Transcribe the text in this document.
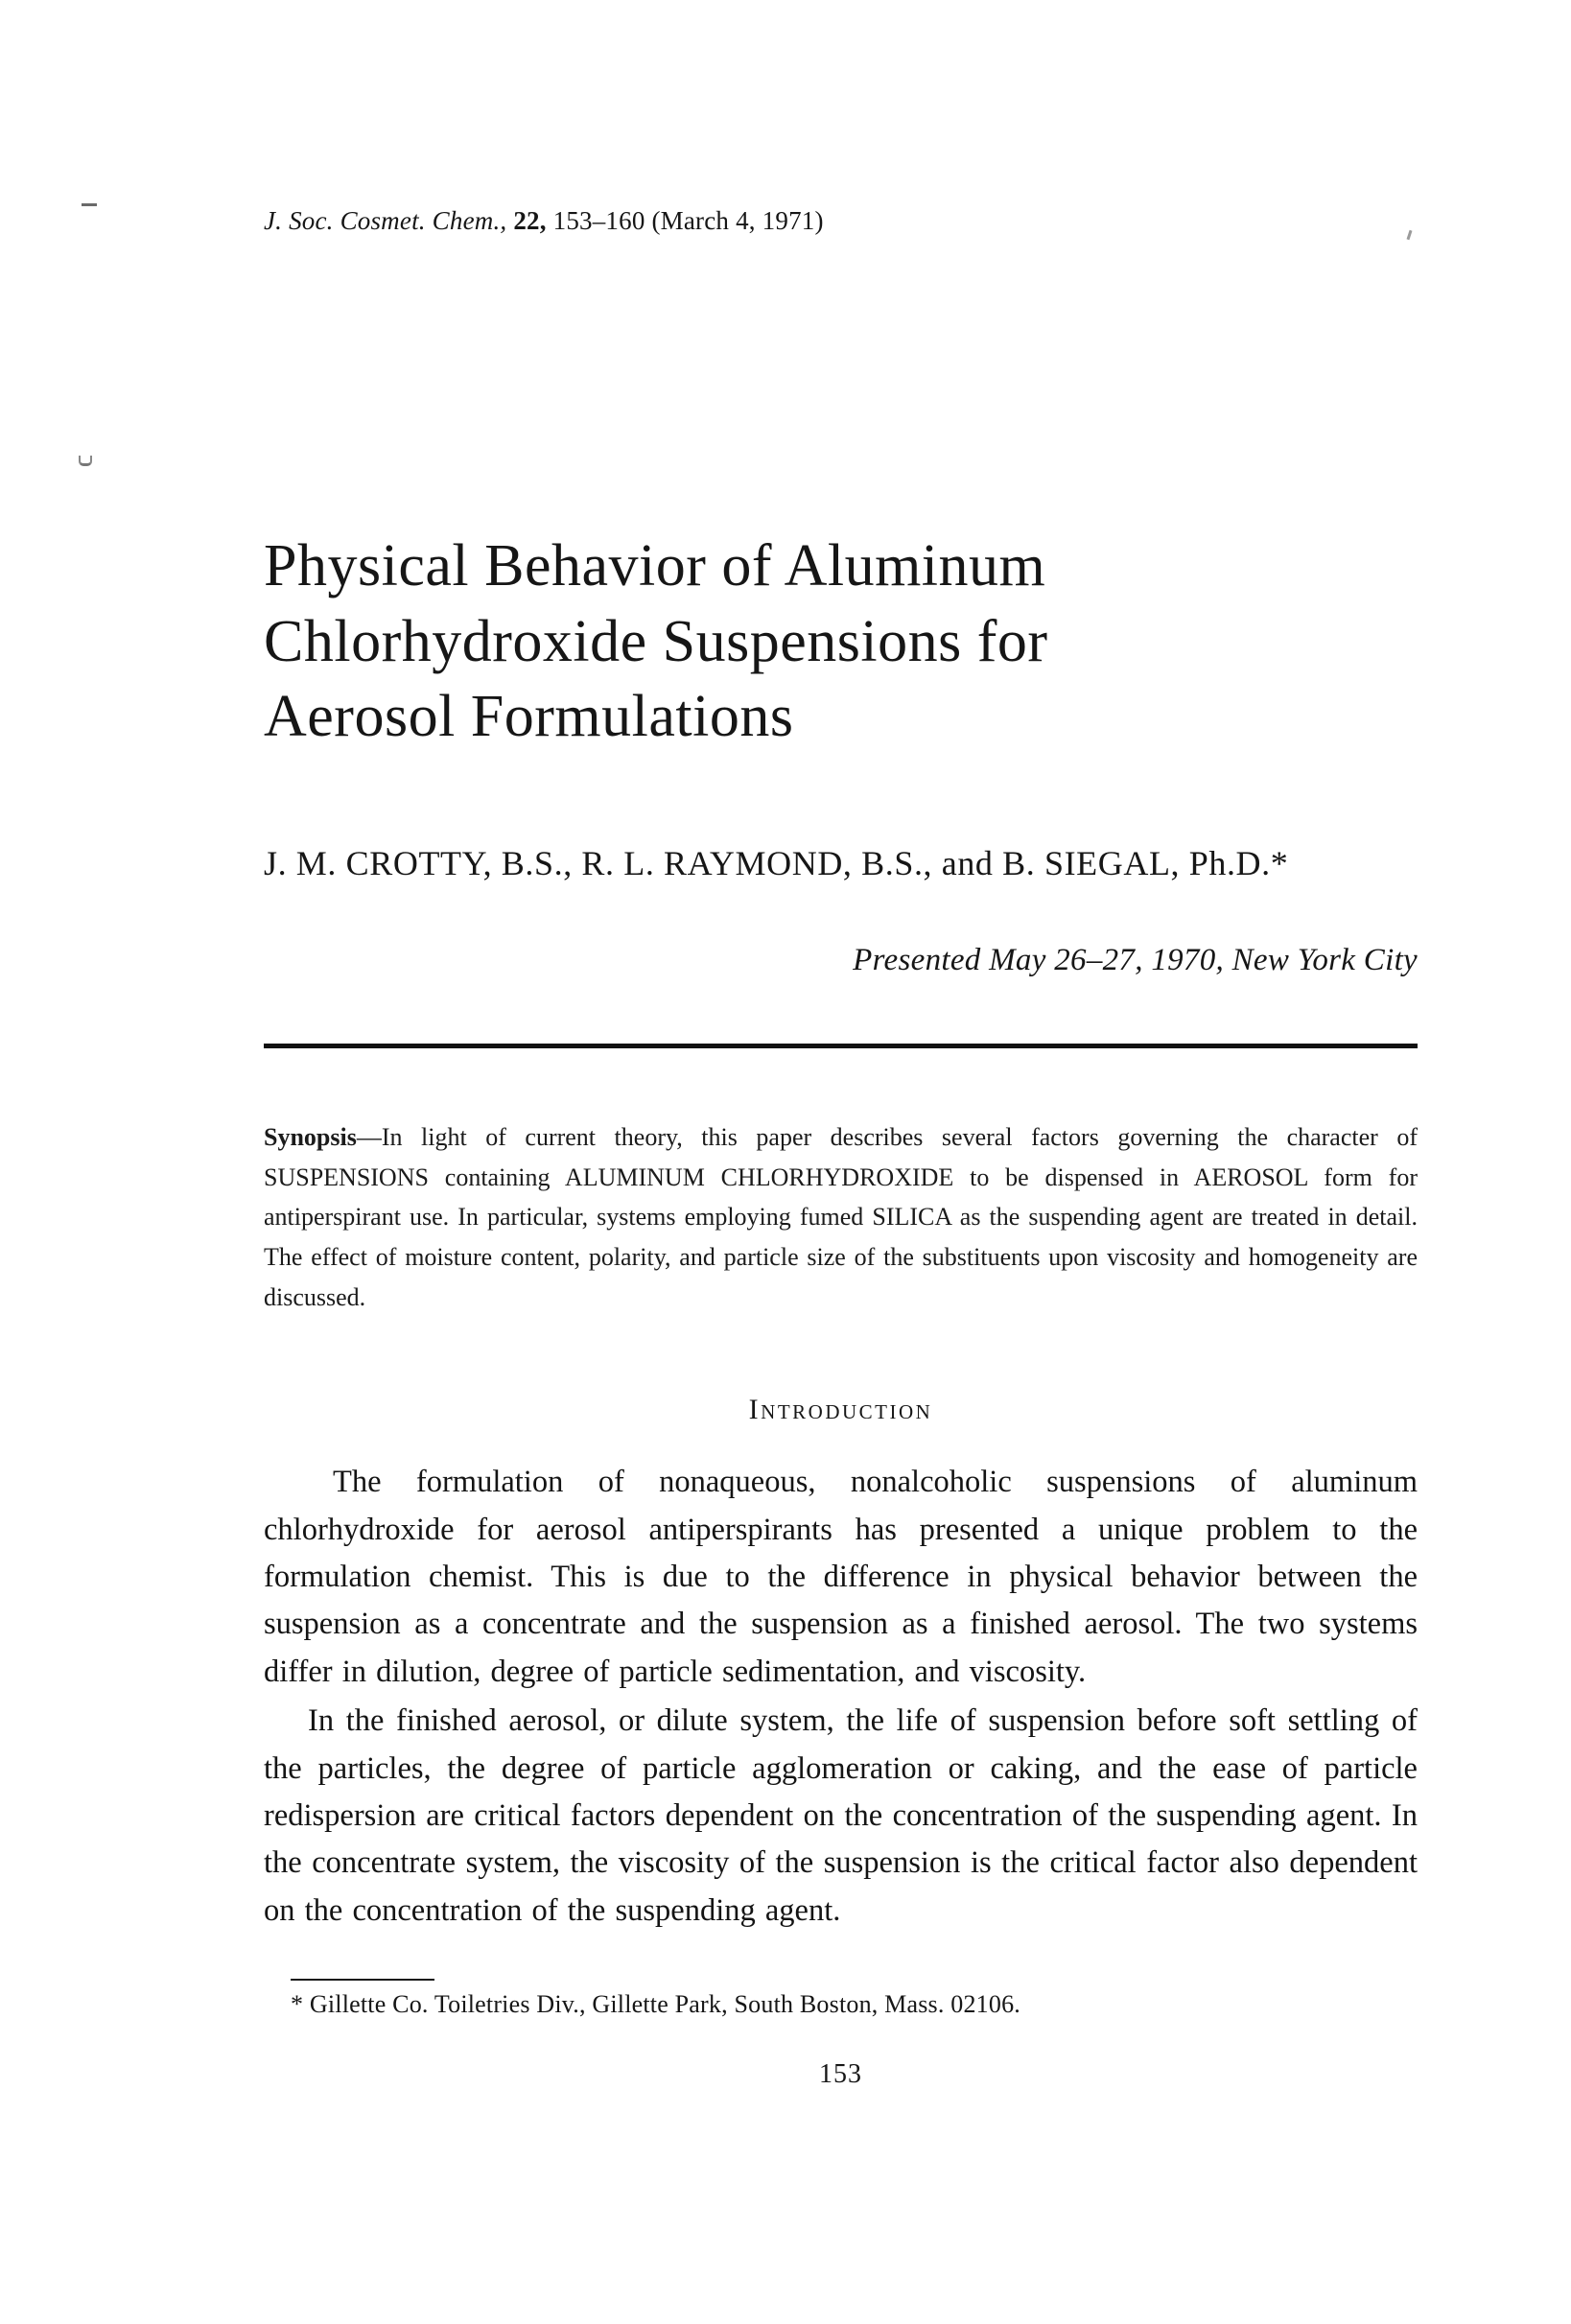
J. Soc. Cosmet. Chem., 22, 153–160 (March 4, 1971)
Physical Behavior of Aluminum
Chlorhydroxide Suspensions for
Aerosol Formulations
J. M. CROTTY, B.S., R. L. RAYMOND, B.S., and B. SIEGAL, Ph.D.*
Presented May 26–27, 1970, New York City

Synopsis—In light of current theory, this paper describes several factors governing the character of SUSPENSIONS containing ALUMINUM CHLORHYDROXIDE to be dispensed in AEROSOL form for antiperspirant use. In particular, systems employing fumed SILICA as the suspending agent are treated in detail. The effect of moisture content, polarity, and particle size of the substituents upon viscosity and homogeneity are discussed.

Introduction

The formulation of nonaqueous, nonalcoholic suspensions of aluminum chlorhydroxide for aerosol antiperspirants has presented a unique problem to the formulation chemist. This is due to the difference in physical behavior between the suspension as a concentrate and the suspension as a finished aerosol. The two systems differ in dilution, degree of particle sedimentation, and viscosity.

In the finished aerosol, or dilute system, the life of suspension before soft settling of the particles, the degree of particle agglomeration or caking, and the ease of particle redispersion are critical factors dependent on the concentration of the suspending agent. In the concentrate system, the viscosity of the suspension is the critical factor also dependent on the concentration of the suspending agent.

* Gillette Co. Toiletries Div., Gillette Park, South Boston, Mass. 02106.
153
